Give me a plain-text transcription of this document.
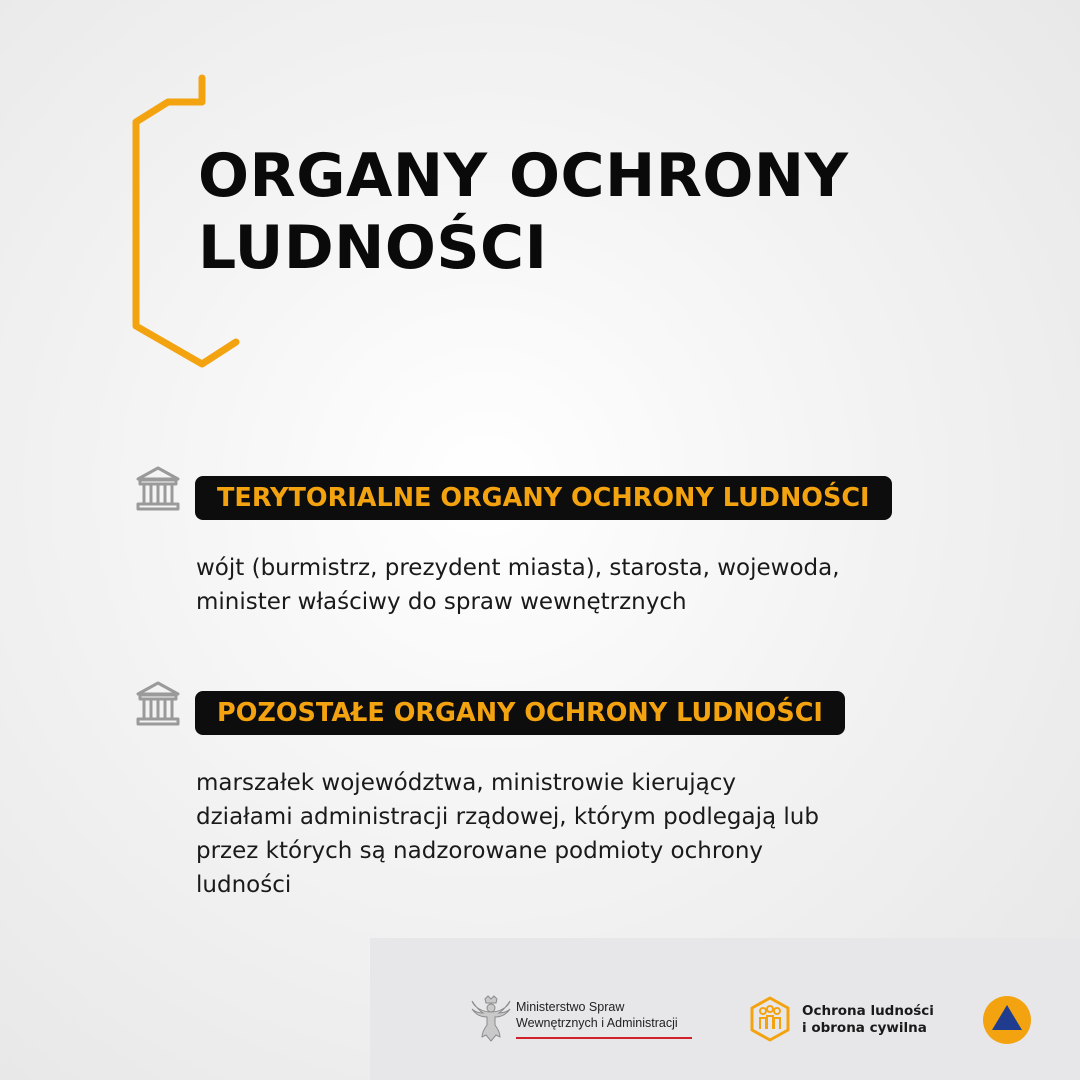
ORGANY OCHRONY
LUDNOŚCI
TERYTORIALNE ORGANY OCHRONY LUDNOŚCI

wójt (burmistrz, prezydent miasta), starosta, wojewoda,
minister właściwy do spraw wewnętrznych

POZOSTAŁE ORGANY OCHRONY LUDNOŚCI

marszałek województwa, ministrowie kierujący
działami administracji rządowej, którym podlegają lub
przez których są nadzorowane podmioty ochrony
ludności

Ministerstwo Spraw
Wewnętrznych i Administracji
Ochrona ludności
i obrona cywilna
